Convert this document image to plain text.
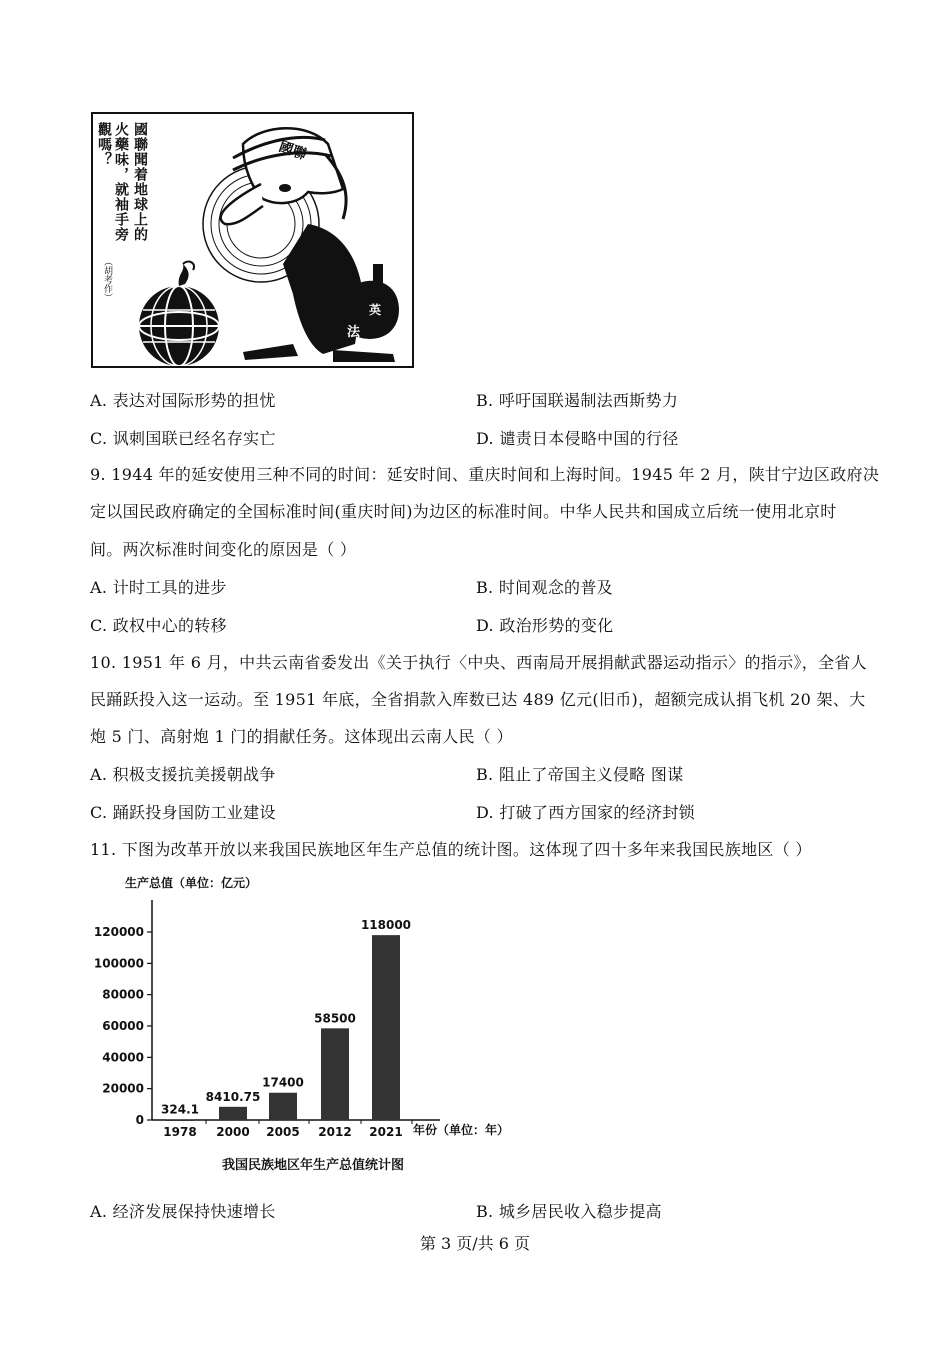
國聯聞着地球上的
火藥味，就袖手旁
觀嗎？
（胡考作）
國聯
英
法
A. 表达对国际形势的担忧	B. 呼吁国联遏制法西斯势力
C. 讽刺国联已经名存实亡	D. 谴责日本侵略中国的行径
9. 1944 年的延安使用三种不同的时间：延安时间、重庆时间和上海时间。1945 年 2 月，陕甘宁边区政府决
定以国民政府确定的全国标准时间(重庆时间)为边区的标准时间。中华人民共和国成立后统一使用北京时
间。两次标准时间变化的原因是（ ）
A. 计时工具的进步	B. 时间观念的普及
C. 政权中心的转移	D. 政治形势的变化
10. 1951 年 6 月，中共云南省委发出《关于执行〈中央、西南局开展捐献武器运动指示〉的指示》，全省人
民踊跃投入这一运动。至 1951 年底，全省捐款入库数已达 489 亿元(旧币)，超额完成认捐飞机 20 架、大
炮 5 门、高射炮 1 门的捐献任务。这体现出云南人民（ ）
A. 积极支援抗美援朝战争	B. 阻止了帝国主义侵略 图谋
C. 踊跃投身国防工业建设	D. 打破了西方国家的经济封锁
11. 下图为改革开放以来我国民族地区年生产总值的统计图。这体现了四十多年来我国民族地区（ ）
生产总值（单位：亿元）
0
20000
40000
60000
80000
100000
120000
324.1
1978
8410.75
2000
17400
2005
58500
2012
118000
2021 年份（单位：年）
我国民族地区年生产总值统计图
A. 经济发展保持快速增长	B. 城乡居民收入稳步提高
第 3 页/共 6 页
